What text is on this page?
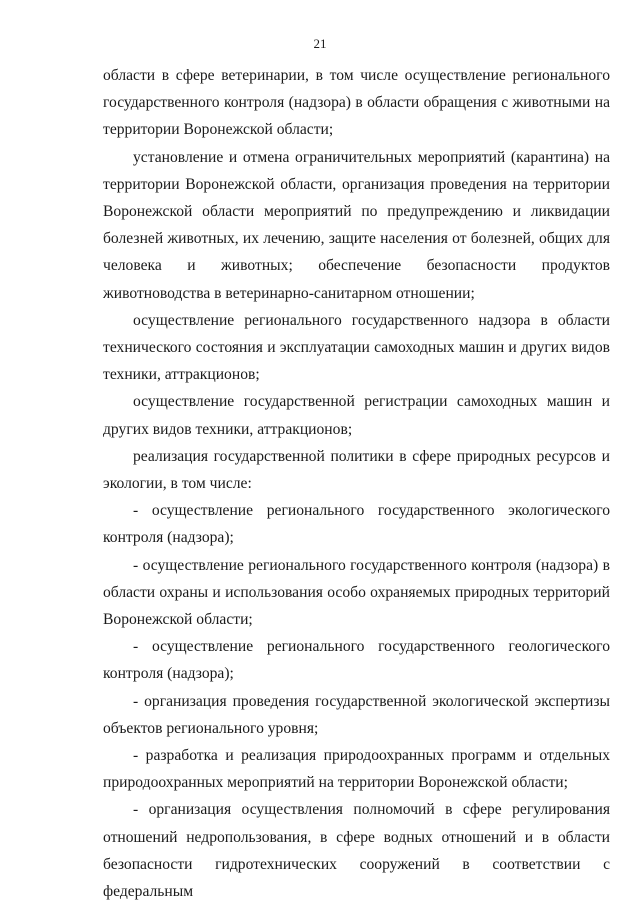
21

области в сфере ветеринарии, в том числе осуществление регионального государственного контроля (надзора) в области обращения с животными на территории Воронежской области;

установление и отмена ограничительных мероприятий (карантина) на территории Воронежской области, организация проведения на территории Воронежской области мероприятий по предупреждению и ликвидации болезней животных, их лечению, защите населения от болезней, общих для человека и животных; обеспечение безопасности продуктов животноводства в ветеринарно-санитарном отношении;

осуществление регионального государственного надзора в области технического состояния и эксплуатации самоходных машин и других видов техники, аттракционов;

осуществление государственной регистрации самоходных машин и других видов техники, аттракционов;

реализация государственной политики в сфере природных ресурсов и экологии, в том числе:

- осуществление регионального государственного экологического контроля (надзора);

- осуществление регионального государственного контроля (надзора) в области охраны и использования особо охраняемых природных территорий Воронежской области;

- осуществление регионального государственного геологического контроля (надзора);

- организация проведения государственной экологической экспертизы объектов регионального уровня;

- разработка и реализация природоохранных программ и отдельных природоохранных мероприятий на территории Воронежской области;

- организация осуществления полномочий в сфере регулирования отношений недропользования, в сфере водных отношений и в области безопасности гидротехнических сооружений в соответствии с федеральным
